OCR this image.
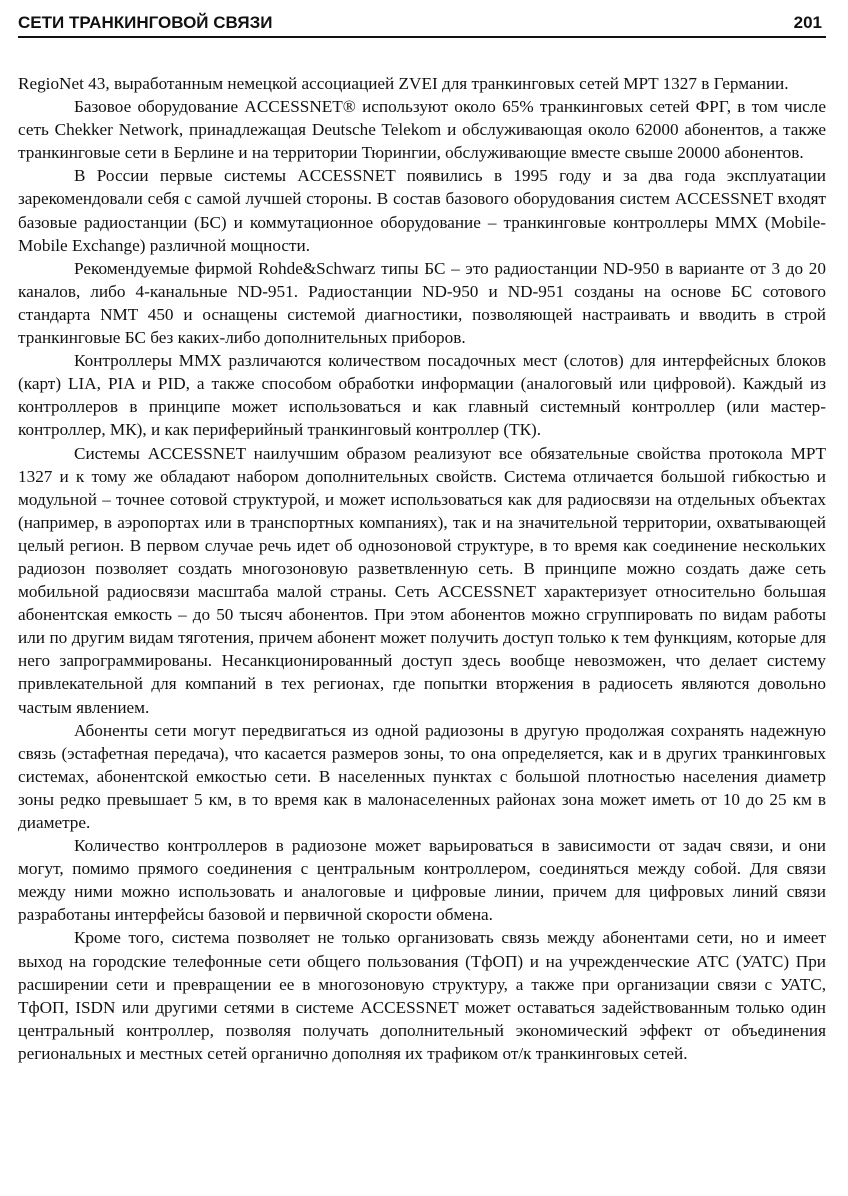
СЕТИ ТРАНКИНГОВОЙ СВЯЗИ	201

RegioNet 43, выработанным немецкой ассоциацией ZVEI для транкинговых сетей MPT 1327 в Германии.

Базовое оборудование ACCESSNET® используют около 65% транкинговых сетей ФРГ, в том числе сеть Chekker Network, принадлежащая Deutsche Telekom и обслуживающая около 62000 абонентов, а также транкинговые сети в Берлине и на территории Тюрингии, обслуживающие вместе свыше 20000 абонентов.

В России первые системы ACCESSNET появились в 1995 году и за два года эксплуатации зарекомендовали себя с самой лучшей стороны. В состав базового оборудования систем ACCESSNET входят базовые радиостанции (БС) и коммутационное оборудование – транкинговые контроллеры MMX (Mobile-Mobile Exchange) различной мощности.

Рекомендуемые фирмой Rohde&Schwarz типы БС – это радиостанции ND-950 в варианте от 3 до 20 каналов, либо 4-канальные ND-951. Радиостанции ND-950 и ND-951 созданы на основе БС сотового стандарта NMT 450 и оснащены системой диагностики, позволяющей настраивать и вводить в строй транкинговые БС без каких-либо дополнительных приборов.

Контроллеры MMX различаются количеством посадочных мест (слотов) для интерфейсных блоков (карт) LIA, PIA и PID, а также способом обработки информации (аналоговый или цифровой). Каждый из контроллеров в принципе может использоваться и как главный системный контроллер (или мастер-контроллер, МК), и как периферийный транкинговый контроллер (ТК).

Системы ACCESSNET наилучшим образом реализуют все обязательные свойства протокола MPT 1327 и к тому же обладают набором дополнительных свойств. Система отличается большой гибкостью и модульной – точнее сотовой структурой, и может использоваться как для радиосвязи на отдельных объектах (например, в аэропортах или в транспортных компаниях), так и на значительной территории, охватывающей целый регион. В первом случае речь идет об однозоновой структуре, в то время как соединение нескольких радиозон позволяет создать многозоновую разветвленную сеть. В принципе можно создать даже сеть мобильной радиосвязи масштаба малой страны. Сеть ACCESSNET характеризует относительно большая абонентская емкость – до 50 тысяч абонентов. При этом абонентов можно сгруппировать по видам работы или по другим видам тяготения, причем абонент может получить доступ только к тем функциям, которые для него запрограммированы. Несанкционированный доступ здесь вообще невозможен, что делает систему привлекательной для компаний в тех регионах, где попытки вторжения в радиосеть являются довольно частым явлением.

Абоненты сети могут передвигаться из одной радиозоны в другую продолжая сохранять надежную связь (эстафетная передача), что касается размеров зоны, то она определяется, как и в других транкинговых системах, абонентской емкостью сети. В населенных пунктах с большой плотностью населения диаметр зоны редко превышает 5 км, в то время как в малонаселенных районах зона может иметь от 10 до 25 км в диаметре.

Количество контроллеров в радиозоне может варьироваться в зависимости от задач связи, и они могут, помимо прямого соединения с центральным контроллером, соединяться между собой. Для связи между ними можно использовать и аналоговые и цифровые линии, причем для цифровых линий связи разработаны интерфейсы базовой и первичной скорости обмена.

Кроме того, система позволяет не только организовать связь между абонентами сети, но и имеет выход на городские телефонные сети общего пользования (ТфОП) и на учрежденческие АТС (УАТС) При расширении сети и превращении ее в многозоновую структуру, а также при организации связи с УАТС, ТфОП, ISDN или другими сетями в системе ACCESSNET может оставаться задействованным только один центральный контроллер, позволяя получать дополнительный экономический эффект от объединения региональных и местных сетей органично дополняя их трафиком от/к транкинговых сетей.
